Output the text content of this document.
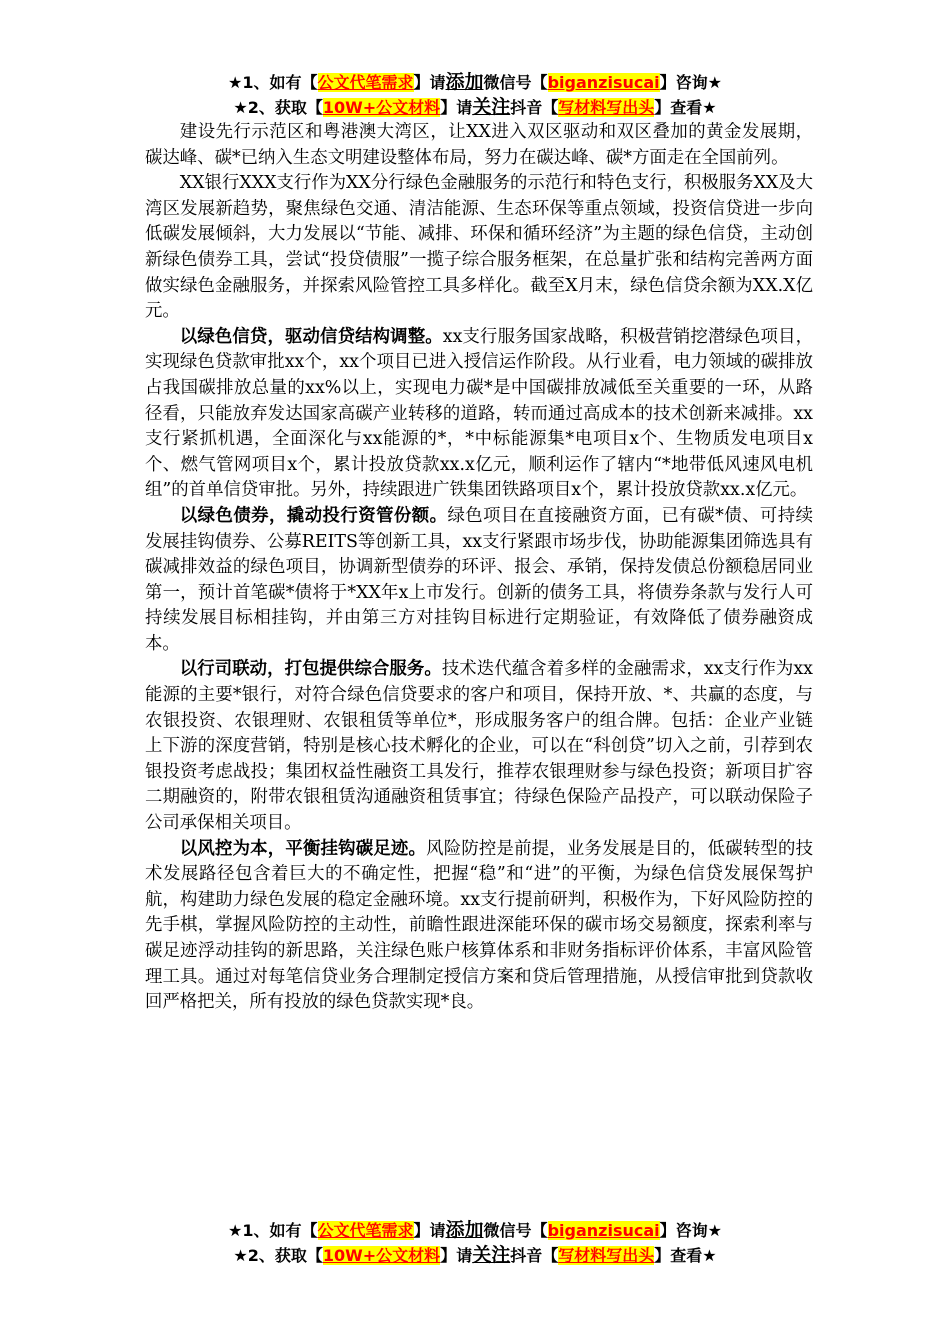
★1、如有【公文代笔需求】请添加微信号【biganzisucai】咨询★
★2、获取【10W+公文材料】请关注抖音【写材料写出头】查看★

建设先行示范区和粤港澳大湾区，让XX进入双区驱动和双区叠加的黄金发展期，碳达峰、碳*已纳入生态文明建设整体布局，努力在碳达峰、碳*方面走在全国前列。

XX银行XXX支行作为XX分行绿色金融服务的示范行和特色支行，积极服务XX及大湾区发展新趋势，聚焦绿色交通、清洁能源、生态环保等重点领域，投资信贷进一步向低碳发展倾斜，大力发展以“节能、减排、环保和循环经济”为主题的绿色信贷，主动创新绿色债券工具，尝试“投贷债服”一揽子综合服务框架，在总量扩张和结构完善两方面做实绿色金融服务，并探索风险管控工具多样化。截至X月末，绿色信贷余额为XX.X亿元。

以绿色信贷，驱动信贷结构调整。xx支行服务国家战略，积极营销挖潜绿色项目，实现绿色贷款审批xx个，xx个项目已进入授信运作阶段。从行业看，电力领域的碳排放占我国碳排放总量的xx%以上，实现电力碳*是中国碳排放减低至关重要的一环，从路径看，只能放弃发达国家高碳产业转移的道路，转而通过高成本的技术创新来减排。xx支行紧抓机遇，全面深化与xx能源的*，*中标能源集*电项目x个、生物质发电项目x个、燃气管网项目x个，累计投放贷款xx.x亿元，顺利运作了辖内“*地带低风速风电机组”的首单信贷审批。另外，持续跟进广铁集团铁路项目x个，累计投放贷款xx.x亿元。

以绿色债券，撬动投行资管份额。绿色项目在直接融资方面，已有碳*债、可持续发展挂钩债券、公募REITS等创新工具，xx支行紧跟市场步伐，协助能源集团筛选具有碳减排效益的绿色项目，协调新型债券的环评、报会、承销，保持发债总份额稳居同业第一，预计首笔碳*债将于*XX年x上市发行。创新的债务工具，将债券条款与发行人可持续发展目标相挂钩，并由第三方对挂钩目标进行定期验证，有效降低了债券融资成本。

以行司联动，打包提供综合服务。技术迭代蕴含着多样的金融需求，xx支行作为xx能源的主要*银行，对符合绿色信贷要求的客户和项目，保持开放、*、共赢的态度，与农银投资、农银理财、农银租赁等单位*，形成服务客户的组合牌。包括：企业产业链上下游的深度营销，特别是核心技术孵化的企业，可以在“科创贷”切入之前，引荐到农银投资考虑战投；集团权益性融资工具发行，推荐农银理财参与绿色投资；新项目扩容二期融资的，附带农银租赁沟通融资租赁事宜；待绿色保险产品投产，可以联动保险子公司承保相关项目。

以风控为本，平衡挂钩碳足迹。风险防控是前提，业务发展是目的，低碳转型的技术发展路径包含着巨大的不确定性，把握“稳”和“进”的平衡，为绿色信贷发展保驾护航，构建助力绿色发展的稳定金融环境。xx支行提前研判，积极作为，下好风险防控的先手棋，掌握风险防控的主动性，前瞻性跟进深能环保的碳市场交易额度，探索利率与碳足迹浮动挂钩的新思路，关注绿色账户核算体系和非财务指标评价体系，丰富风险管理工具。通过对每笔信贷业务合理制定授信方案和贷后管理措施，从授信审批到贷款收回严格把关，所有投放的绿色贷款实现*良。

★1、如有【公文代笔需求】请添加微信号【biganzisucai】咨询★
★2、获取【10W+公文材料】请关注抖音【写材料写出头】查看★
